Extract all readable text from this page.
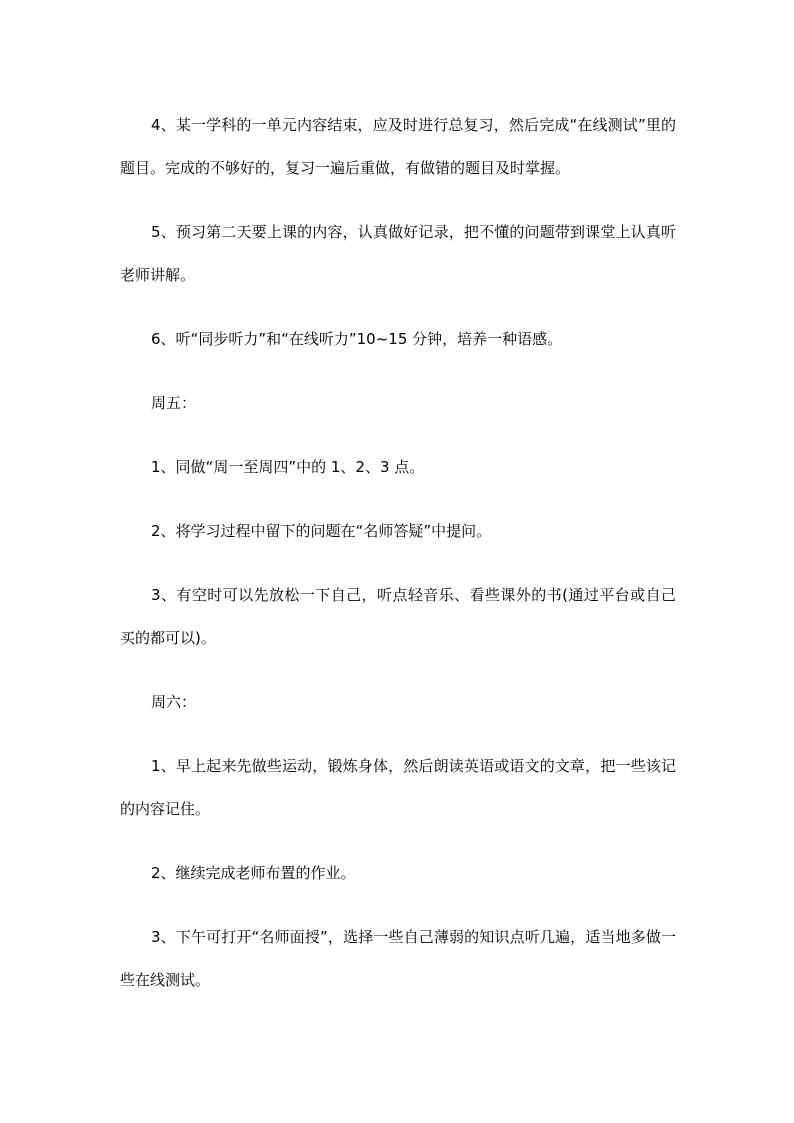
4、某一学科的一单元内容结束，应及时进行总复习，然后完成“在线测试”里的题目。完成的不够好的，复习一遍后重做，有做错的题目及时掌握。

5、预习第二天要上课的内容，认真做好记录，把不懂的问题带到课堂上认真听老师讲解。

6、听“同步听力”和“在线听力”10~15 分钟，培养一种语感。

周五：

1、同做“周一至周四”中的 1、2、3 点。

2、将学习过程中留下的问题在“名师答疑”中提问。

3、有空时可以先放松一下自己，听点轻音乐、看些课外的书(通过平台或自己买的都可以)。

周六：

1、早上起来先做些运动，锻炼身体，然后朗读英语或语文的文章，把一些该记的内容记住。

2、继续完成老师布置的作业。

3、下午可打开“名师面授”，选择一些自己薄弱的知识点听几遍，适当地多做一些在线测试。
